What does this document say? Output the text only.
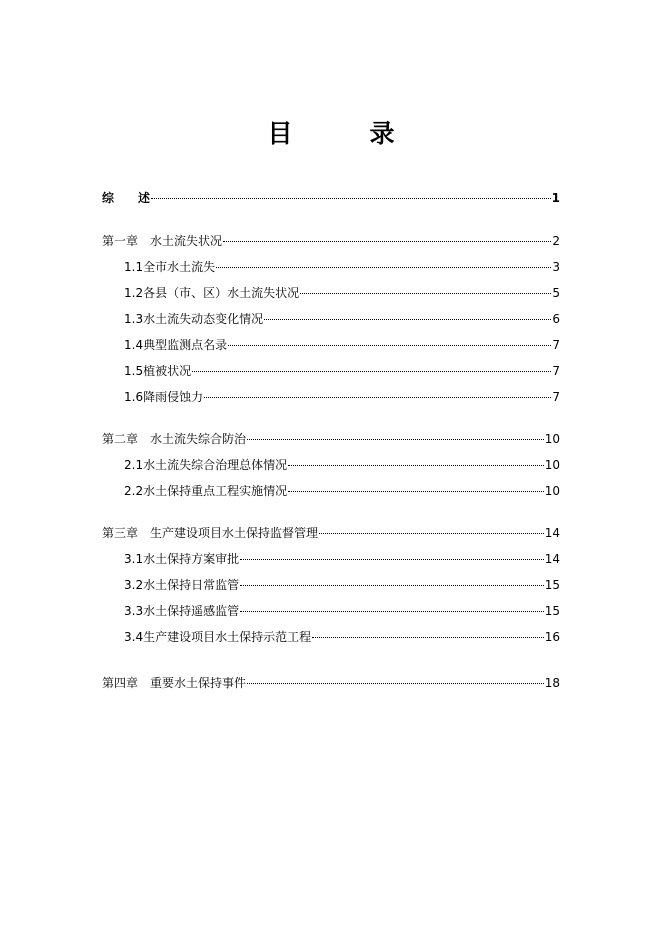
目　录
综　　述	1
第一章　水土流失状况	2
1.1全市水土流失	3
1.2各县（市、区）水土流失状况	5
1.3水土流失动态变化情况	6
1.4典型监测点名录	7
1.5植被状况	7
1.6降雨侵蚀力	7
第二章　水土流失综合防治	10
2.1水土流失综合治理总体情况	10
2.2水土保持重点工程实施情况	10
第三章　生产建设项目水土保持监督管理	14
3.1水土保持方案审批	14
3.2水土保持日常监管	15
3.3水土保持遥感监管	15
3.4生产建设项目水土保持示范工程	16
第四章　重要水土保持事件	18
